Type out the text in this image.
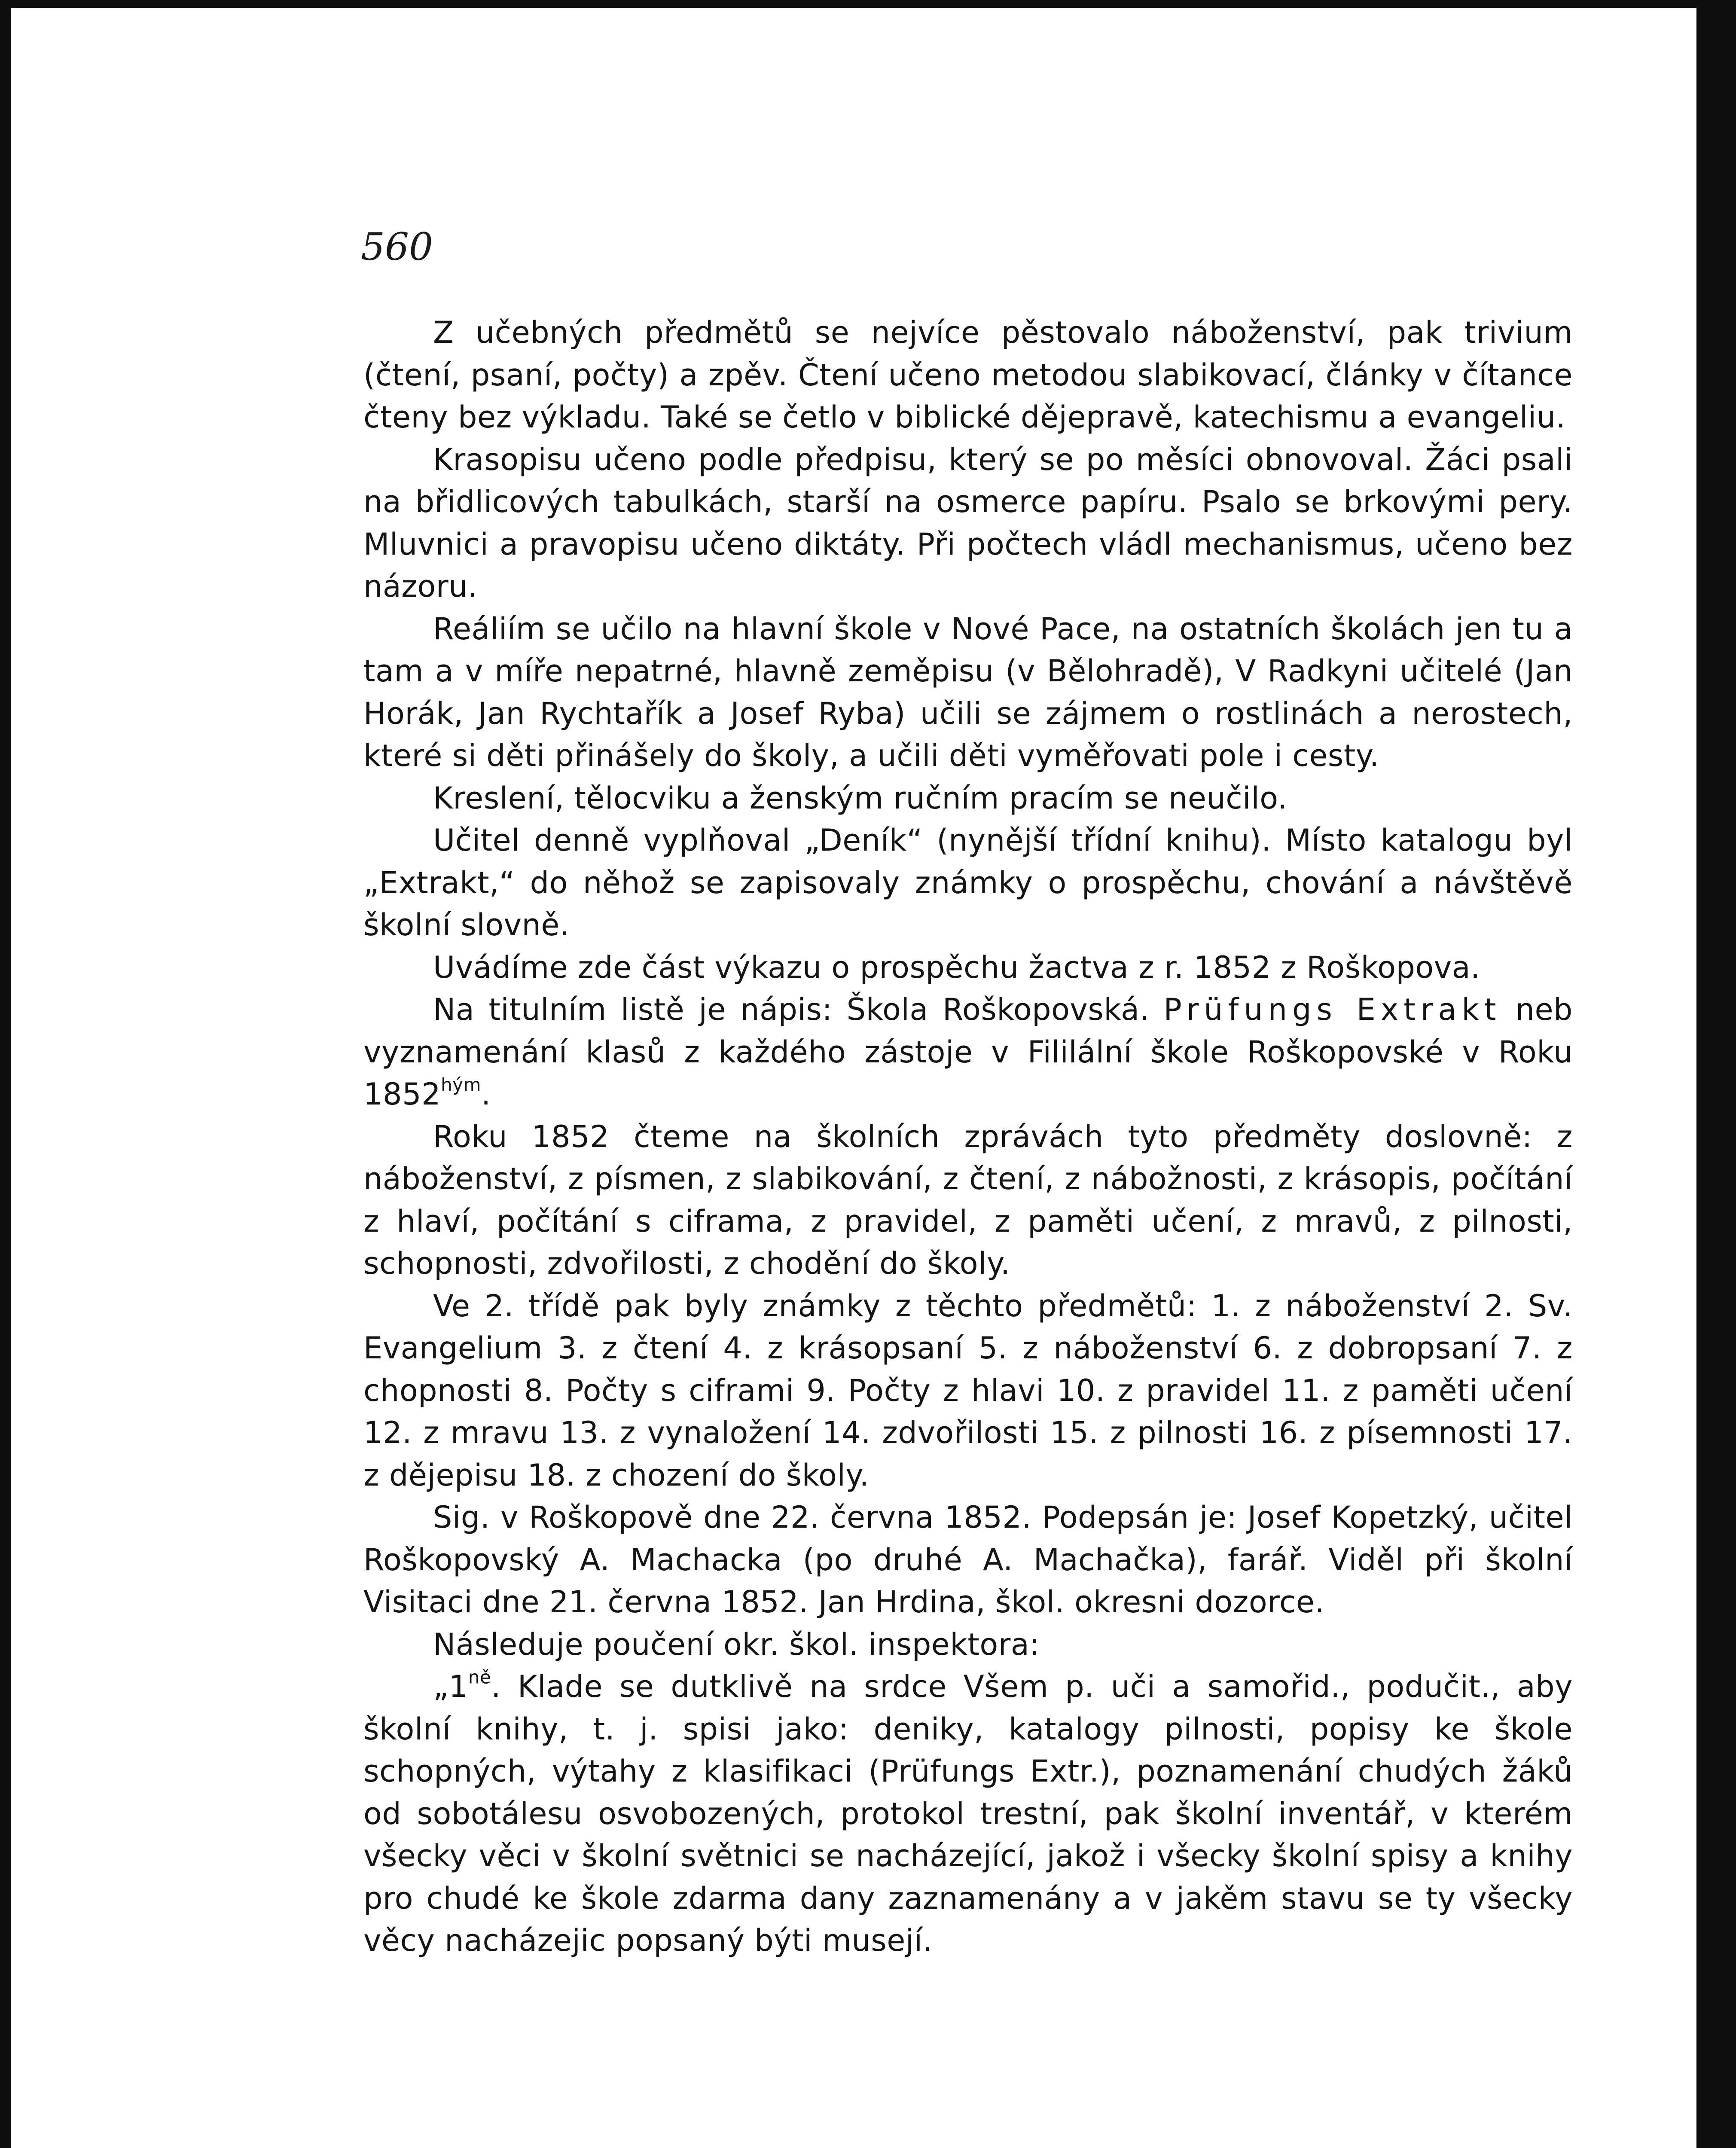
560

Z učebných předmětů se nejvíce pěstovalo náboženství, pak trivium (čtení, psaní, počty) a zpěv. Čtení učeno metodou slabikovací, články v čítance čteny bez výkladu. Také se četlo v biblické dějepravě, katechismu a evangeliu.

Krasopisu učeno podle předpisu, který se po měsíci obnovoval. Žáci psali na břidlicových tabulkách, starší na osmerce papíru. Psalo se brkovými pery. Mluvnici a pravopisu učeno diktáty. Při počtech vládl mechanismus, učeno bez názoru.

Reáliím se učilo na hlavní škole v Nové Pace, na ostatních školách jen tu a tam a v míře nepatrné, hlavně zeměpisu (v Bělohradě), V Radkyni učitelé (Jan Horák, Jan Rychtařík a Josef Ryba) učili se zájmem o rostlinách a nerostech, které si děti přinášely do školy, a učili děti vyměřovati pole i cesty.

Kreslení, tělocviku a ženským ručním pracím se neučilo.

Učitel denně vyplňoval „Deník“ (nynější třídní knihu). Místo katalogu byl „Extrakt,“ do něhož se zapisovaly známky o prospěchu, chování a návštěvě školní slovně.

Uvádíme zde část výkazu o prospěchu žactva z r. 1852 z Roškopova.

Na titulním listě je nápis: Škola Roškopovská. Prüfungs Extrakt neb vyznamenání klasů z každého zástoje v Fililální škole Roškopovské v Roku $1852^{hým}$.

Roku 1852 čteme na školních zprávách tyto předměty doslovně: z náboženství, z písmen, z slabikování, z čtení, z nábožnosti, z krásopis, počítání z hlaví, počítání s ciframa, z pravidel, z paměti učení, z mravů, z pilnosti, schopnosti, zdvořilosti, z chodění do školy.

Ve 2. třídě pak byly známky z těchto předmětů: 1. z náboženství 2. Sv. Evangelium 3. z čtení 4. z krásopsaní 5. z náboženství 6. z dobropsaní 7. z chopnosti 8. Počty s ciframi 9. Počty z hlavi 10. z pravidel 11. z paměti učení 12. z mravu 13. z vynaložení 14. zdvořilosti 15. z pilnosti 16. z písemnosti 17. z dějepisu 18. z chození do školy.

Sig. v Roškopově dne 22. června 1852. Podepsán je: Josef Kopetzký, učitel Roškopovský A. Machacka (po druhé A. Machačka), farář. Viděl při školní Visitaci dne 21. června 1852. Jan Hrdina, škol. okresni dozorce.

Následuje poučení okr. škol. inspektora:

$„1^{ně}$. Klade se dutklivě na srdce Všem p. uči a samořid., podučit., aby školní knihy, t. j. spisi jako: deniky, katalogy pilnosti, popisy ke škole schopných, výtahy z klasifikaci (Prüfungs Extr.), poznamenání chudých žáků od sobotálesu osvobozených, protokol trestní, pak školní inventář, v kterém všecky věci v školní světnici se nacházející, jakož i všecky školní spisy a knihy pro chudé ke škole zdarma dany zaznamenány a v jakěm stavu se ty všecky věcy nacházejic popsaný býti musejí.
